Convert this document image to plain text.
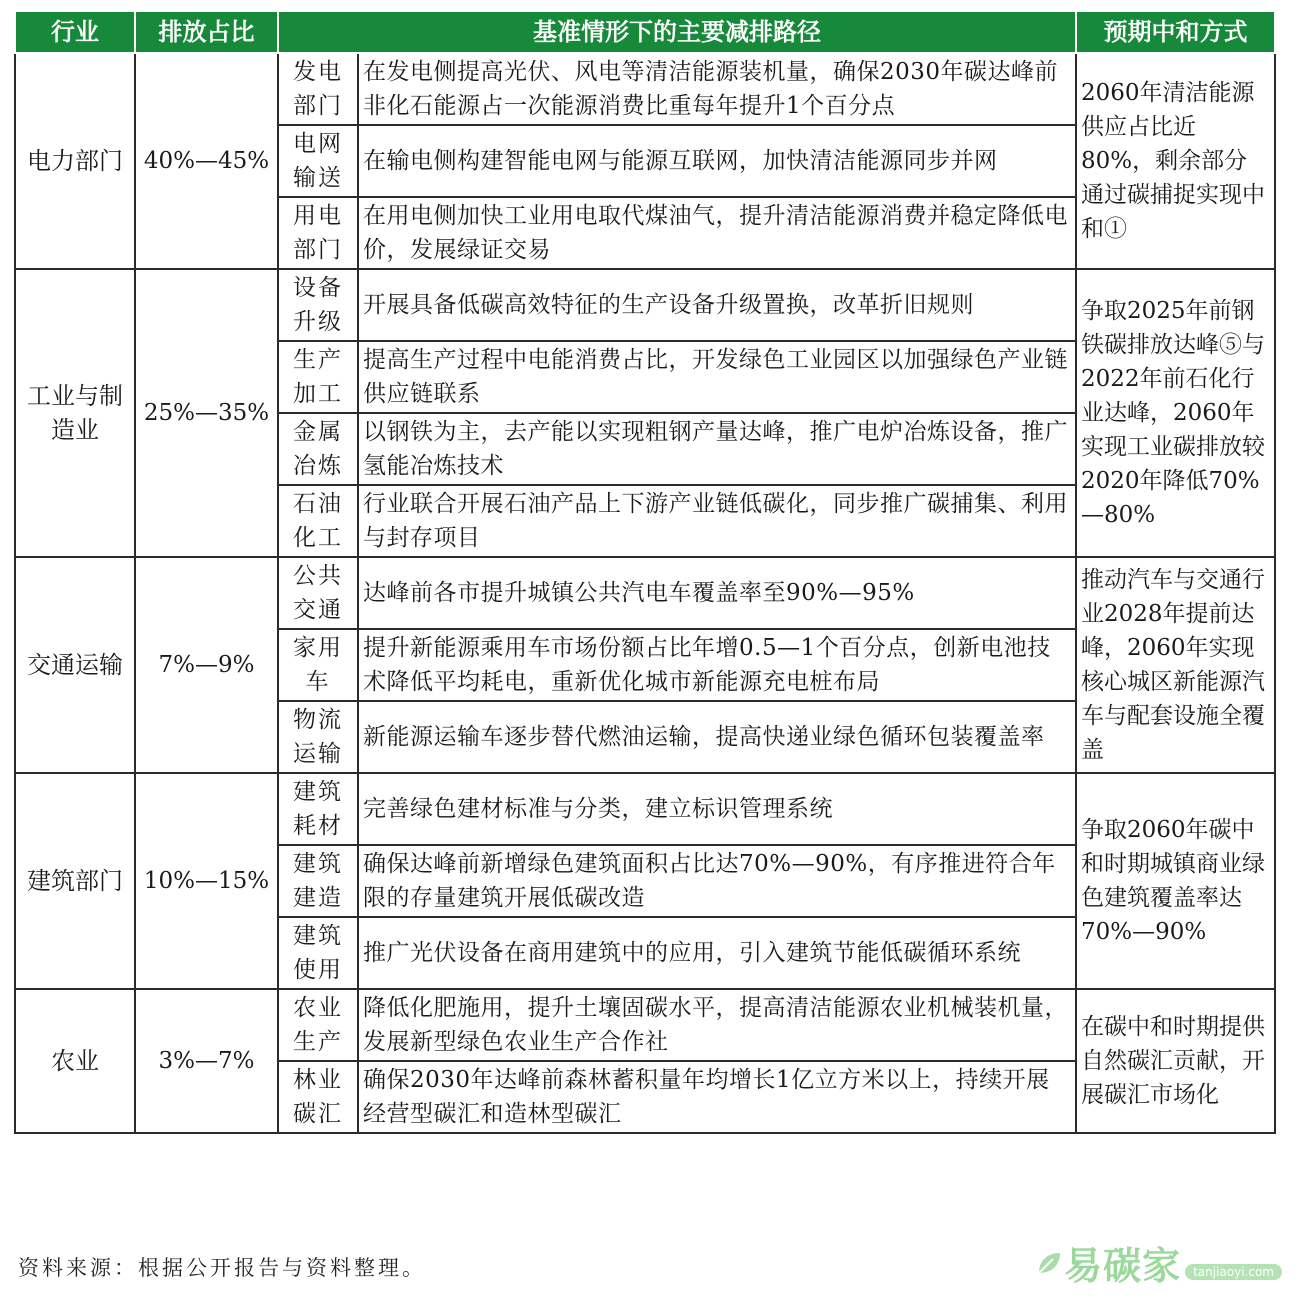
行业	排放占比	基准情形下的主要减排路径		预期中和方式
电力部门	40%—45%	发电部门	在发电侧提高光伏、风电等清洁能源装机量，确保2030年碳达峰前非化石能源占一次能源消费比重每年提升1个百分点	2060年清洁能源供应占比近80%，剩余部分通过碳捕捉实现中和①
		电网输送	在输电侧构建智能电网与能源互联网，加快清洁能源同步并网	
		用电部门	在用电侧加快工业用电取代煤油气，提升清洁能源消费并稳定降低电价，发展绿证交易	
工业与制造业	25%—35%	设备升级	开展具备低碳高效特征的生产设备升级置换，改革折旧规则	争取2025年前钢铁碳排放达峰⑤与2022年前石化行业达峰，2060年实现工业碳排放较2020年降低70%—80%
		生产加工	提高生产过程中电能消费占比，开发绿色工业园区以加强绿色产业链供应链联系	
		金属冶炼	以钢铁为主，去产能以实现粗钢产量达峰，推广电炉冶炼设备，推广氢能冶炼技术	
		石油化工	行业联合开展石油产品上下游产业链低碳化，同步推广碳捕集、利用与封存项目	
交通运输	7%—9%	公共交通	达峰前各市提升城镇公共汽电车覆盖率至90%—95%	推动汽车与交通行业2028年提前达峰，2060年实现核心城区新能源汽车与配套设施全覆盖
		家用车	提升新能源乘用车市场份额占比年增0.5—1个百分点，创新电池技术降低平均耗电，重新优化城市新能源充电桩布局	
		物流运输	新能源运输车逐步替代燃油运输，提高快递业绿色循环包装覆盖率	
建筑部门	10%—15%	建筑耗材	完善绿色建材标准与分类，建立标识管理系统	争取2060年碳中和时期城镇商业绿色建筑覆盖率达70%—90%
		建筑建造	确保达峰前新增绿色建筑面积占比达70%—90%，有序推进符合年限的存量建筑开展低碳改造	
		建筑使用	推广光伏设备在商用建筑中的应用，引入建筑节能低碳循环系统	
农业	3%—7%	农业生产	降低化肥施用，提升土壤固碳水平，提高清洁能源农业机械装机量，发展新型绿色农业生产合作社	在碳中和时期提供自然碳汇贡献，开展碳汇市场化
		林业碳汇	确保2030年达峰前森林蓄积量年均增长1亿立方米以上，持续开展经营型碳汇和造林型碳汇	
资料来源：根据公开报告与资料整理。	易碳家	tanjiaoyi.com
